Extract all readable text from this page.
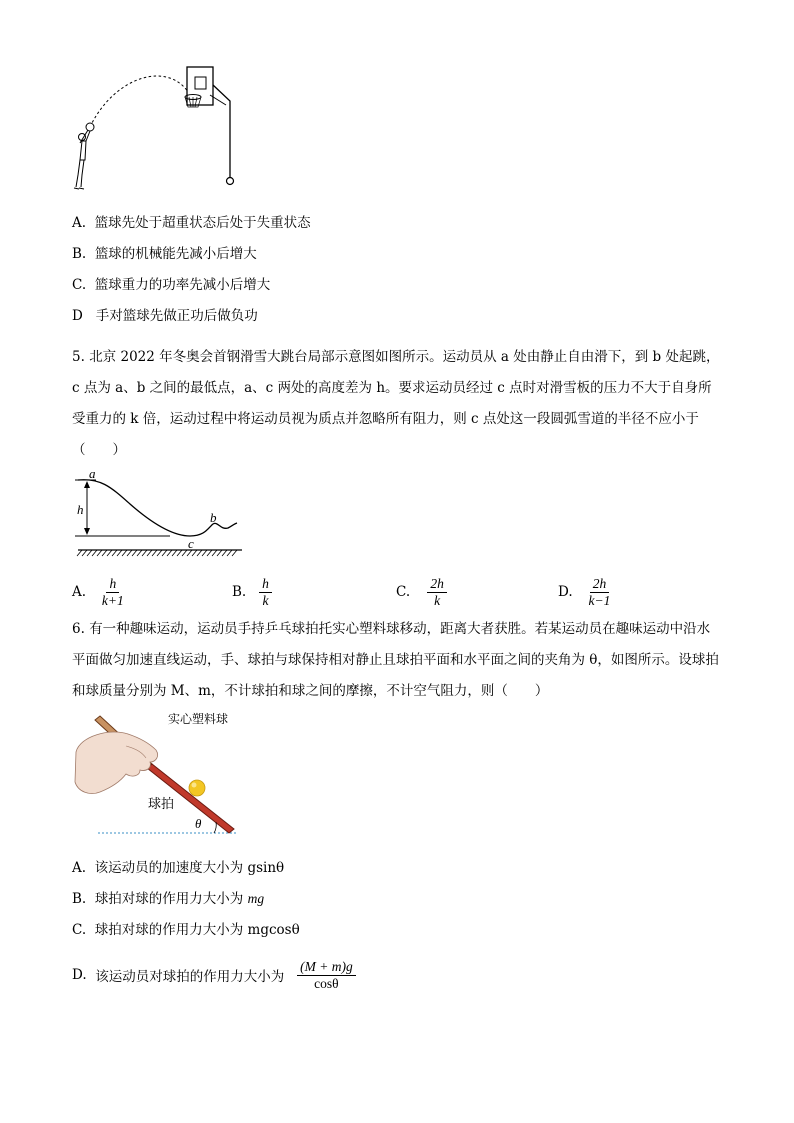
A. 篮球先处于超重状态后处于失重状态
B. 篮球的机械能先减小后增大
C. 篮球重力的功率先减小后增大
D 手对篮球先做正功后做负功
5. 北京 2022 年冬奥会首钢滑雪大跳台局部示意图如图所示。运动员从 a 处由静止自由滑下，到 b 处起跳，c 点为 a、b 之间的最低点，a、c 两处的高度差为 h。要求运动员经过 c 点时对滑雪板的压力不大于自身所受重力的 k 倍，运动过程中将运动员视为质点并忽略所有阻力，则 c 点处这一段圆弧雪道的半径不应小于（　　）
a
h
b
c
A.
$\frac{h}{k+1}$	B.
$\frac{h}{k}$	C.
$\frac{2h}{k}$	D.
$\frac{2h}{k-1}$
6. 有一种趣味运动，运动员手持乒乓球拍托实心塑料球移动，距离大者获胜。若某运动员在趣味运动中沿水平面做匀加速直线运动，手、球拍与球保持相对静止且球拍平面和水平面之间的夹角为 θ，如图所示。设球拍和球质量分别为 M、m，不计球拍和球之间的摩擦，不计空气阻力，则（　　）
实心塑料球
球拍
θ
A. 该运动员的加速度大小为 gsinθ
B. 球拍对球的作用力大小为 mg
C. 球拍对球的作用力大小为 mgcosθ
D.
该运动员对球拍的作用力大小为
$\frac{(M + m)g}{\cos\theta}$
